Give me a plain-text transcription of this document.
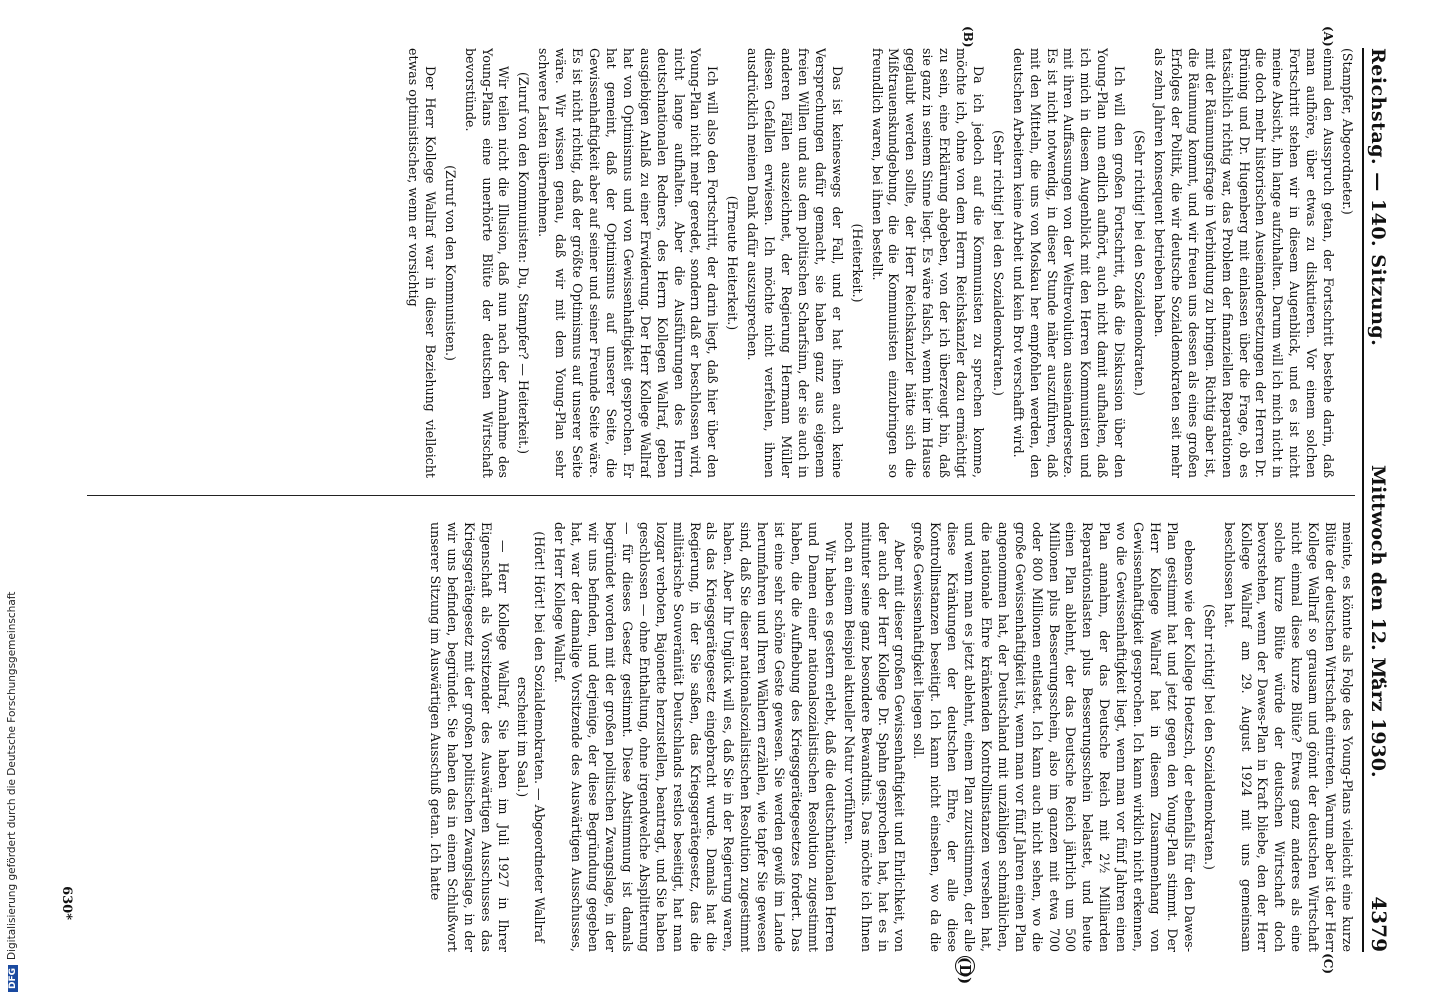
Reichstag. — 140. Sitzung.
Mittwoch den 12. März 1930.
4379
(A)
(B)
(C)
(D)

(Stampfer, Abgeordneter.)

einmal den Ausspruch getan, der Fortschritt bestehe darin, daß man aufhöre, über etwas zu diskutieren. Vor einem solchen Fortschritt stehen wir in diesem Augenblick, und es ist nicht meine Absicht, ihn lange aufzuhalten. Darum will ich mich nicht in die doch mehr historischen Auseinandersetzungen der Herren Dr. Brüning und Dr. Hugenberg mit einlassen über die Frage, ob es tatsächlich richtig war, das Problem der finanziellen Reparationen mit der Räumungsfrage in Verbindung zu bringen. Richtig aber ist, die Räumung kommt, und wir freuen uns dessen als eines großen Erfolges der Politik, die wir deutsche Sozialdemokraten seit mehr als zehn Jahren konsequent betrieben haben.

(Sehr richtig! bei den Sozialdemokraten.)

Ich will den großen Fortschritt, daß die Diskussion über den Young-Plan nun endlich aufhört, auch nicht damit aufhalten, daß ich mich in diesem Augenblick mit den Herren Kommunisten und mit ihren Auffassungen von der Weltrevolution auseinandersetze. Es ist nicht notwendig, in dieser Stunde näher auszuführen, daß mit den Mitteln, die uns von Moskau her empfohlen werden, den deutschen Arbeitern keine Arbeit und kein Brot verschafft wird.

(Sehr richtig! bei den Sozialdemokraten.)

Da ich jedoch auf die Kommunisten zu sprechen komme, möchte ich, ohne von dem Herrn Reichskanzler dazu ermächtigt zu sein, eine Erklärung abgeben, von der ich überzeugt bin, daß sie ganz in seinem Sinne liegt. Es wäre falsch, wenn hier im Hause geglaubt werden sollte, der Herr Reichskanzler hätte sich die Mißtrauenskundgebung, die die Kommunisten einzubringen so freundlich waren, bei ihnen bestellt.

(Heiterkeit.)

Das ist keineswegs der Fall, und er hat ihnen auch keine Versprechungen dafür gemacht, sie haben ganz aus eigenem freien Willen und aus dem politischen Scharfsinn, der sie auch in anderen Fällen auszeichnet, der Regierung Hermann Müller diesen Gefallen erwiesen. Ich möchte nicht verfehlen, ihnen ausdrücklich meinen Dank dafür auszusprechen.

(Erneute Heiterkeit.)

Ich will also den Fortschritt, der darin liegt, daß hier über den Young-Plan nicht mehr geredet, sondern daß er beschlossen wird, nicht lange aufhalten. Aber die Ausführungen des Herrn deutschnationalen Redners, des Herrn Kollegen Wallraf, geben ausgiebigen Anlaß zu einer Erwiderung. Der Herr Kollege Wallraf hat von Optimismus und von Gewissenhaftigkeit gesprochen. Er hat gemeint, daß der Optimismus auf unserer Seite, die Gewissenhaftigkeit aber auf seiner und seiner Freunde Seite wäre. Es ist nicht richtig, daß der größte Optimismus auf unserer Seite wäre. Wir wissen genau, daß wir mit dem Young-Plan sehr schwere Lasten übernehmen.

(Zuruf von den Kommunisten: Du, Stampfer? — Heiterkeit.)

Wir teilen nicht die Illusion, daß nun nach der Annahme des Young-Plans eine unerhörte Blüte der deutschen Wirtschaft bevorstünde.

(Zuruf von den Kommunisten.)

Der Herr Kollege Wallraf war in dieser Beziehung vielleicht etwas optimistischer, wenn er vorsichtig

meinte, es könnte als Folge des Young-Plans vielleicht eine kurze Blüte der deutschen Wirtschaft eintreten. Warum aber ist der Herr Kollege Wallraf so grausam und gönnt der deutschen Wirtschaft nicht einmal diese kurze Blüte? Etwas ganz anderes als eine solche kurze Blüte würde der deutschen Wirtschaft doch bevorstehen, wenn der Dawes-Plan in Kraft bliebe, den der Herr Kollege Wallraf am 29. August 1924 mit uns gemeinsam beschlossen hat.

(Sehr richtig! bei den Sozialdemokraten.)

ebenso wie der Kollege Hoetzsch, der ebenfalls für den Dawes-Plan gestimmt hat und jetzt gegen den Young-Plan stimmt. Der Herr Kollege Wallraf hat in diesem Zusammenhang von Gewissenhaftigkeit gesprochen. Ich kann wirklich nicht erkennen, wo die Gewissenhaftigkeit liegt, wenn man vor fünf Jahren einen Plan annahm, der das Deutsche Reich mit 2½ Milliarden Reparationslasten plus Besserungsschein belastet, und heute einen Plan ablehnt, der das Deutsche Reich jährlich um 500 Millionen plus Besserungsschein, also im ganzen mit etwa 700 oder 800 Millionen entlastet. Ich kann auch nicht sehen, wo die große Gewissenhaftigkeit ist, wenn man vor fünf Jahren einen Plan angenommen hat, der Deutschland mit unzähligen schmählichen, die nationale Ehre kränkenden Kontrollinstanzen versehen hat, und wenn man es jetzt ablehnt, einem Plan zuzustimmen, der alle diese Kränkungen der deutschen Ehre, der alle diese Kontrollinstanzen beseitigt. Ich kann nicht einsehen, wo da die große Gewissenhaftigkeit liegen soll.

Aber mit dieser großen Gewissenhaftigkeit und Ehrlichkeit, von der auch der Herr Kollege Dr. Spahn gesprochen hat, hat es in mitunter seine ganz besondere Bewandtnis. Das möchte ich Ihnen noch an einem Beispiel aktueller Natur vorführen.

Wir haben es gestern erlebt, daß die deutschnationalen Herren und Damen einer nationalsozialistischen Resolution zugestimmt haben, die die Aufhebung des Kriegsgerätegesetzes fordert. Das ist eine sehr schöne Geste gewesen. Sie werden gewiß im Lande herumfahren und Ihren Wählern erzählen, wie tapfer Sie gewesen sind, daß Sie dieser nationalsozialistischen Resolution zugestimmt haben. Aber Ihr Unglück will es, daß Sie in der Regierung waren, als das Kriegsgerätegesetz eingebracht wurde. Damals hat die Regierung, in der Sie saßen, das Kriegsgerätegesetz, das die militärische Souveränität Deutschlands restlos beseitigt, hat man lozgar verboten, Bajonette herzustellen, beantragt, und Sie haben geschlossen — ohne Enthaltung, ohne irgendwelche Absplitterung — für dieses Gesetz gestimmt. Diese Abstimmung ist damals begründet worden mit der großen politischen Zwangslage, in der wir uns befinden, und derjenige, der diese Begründung gegeben hat, war der damalige Vorsitzende des Auswärtigen Ausschusses, der Herr Kollege Wallraf.

(Hört! Hört! bei den Sozialdemokraten. — Abgeordneter Wallraf erscheint im Saal.)

— Herr Kollege Wallraf, Sie haben im Juli 1927 in Ihrer Eigenschaft als Vorsitzender des Auswärtigen Ausschusses das Kriegsgerätegesetz mit der großen politischen Zwangslage, in der wir uns befinden, begründet. Sie haben das in einem Schlußwort unserer Sitzung im Auswärtigen Ausschuß getan. Ich hatte

630*
DFGDigitalisierung gefördert durch die Deutsche Forschungsgemeinschaft
